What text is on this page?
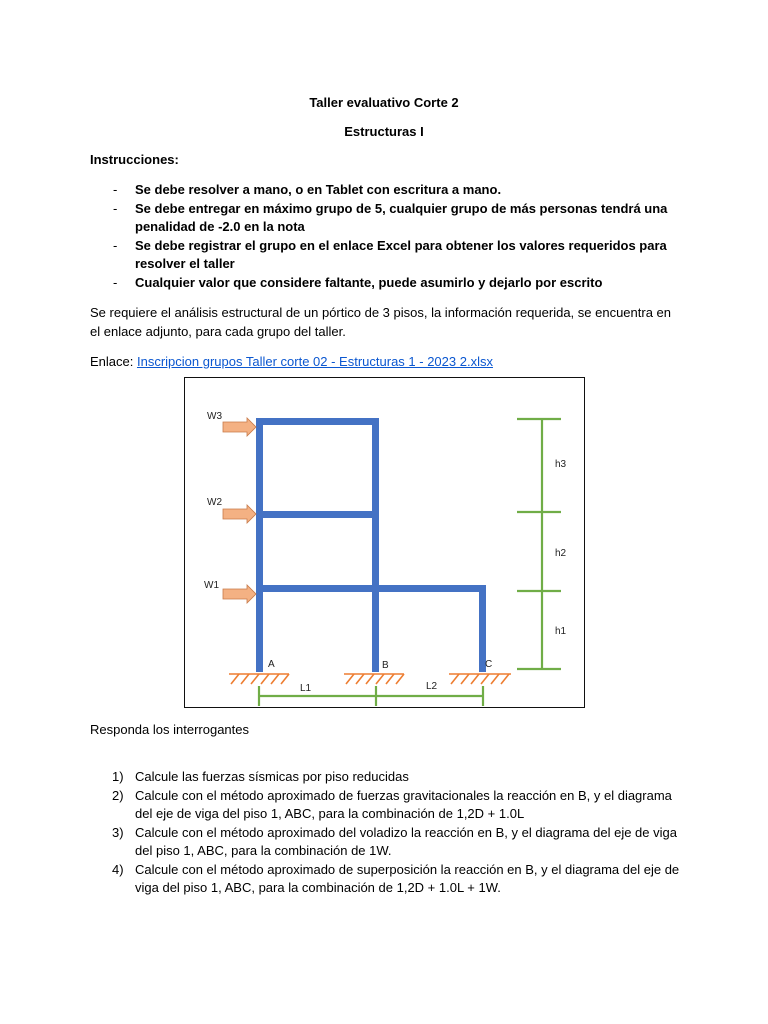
Taller evaluativo Corte 2
Estructuras I
Instrucciones:
- Se debe resolver a mano, o en Tablet con escritura a mano.
- Se debe entregar en máximo grupo de 5, cualquier grupo de más personas tendrá una penalidad de -2.0 en la nota
- Se debe registrar el grupo en el enlace Excel para obtener los valores requeridos para resolver el taller
- Cualquier valor que considere faltante, puede asumirlo y dejarlo por escrito

Se requiere el análisis estructural de un pórtico de 3 pisos, la información requerida, se encuentra en el enlace adjunto, para cada grupo del taller.

Enlace: Inscripcion grupos Taller corte 02 - Estructuras 1 - 2023 2.xlsx

W3
W2
W1
A	B	C
L1	L2
h3
h2
h1
Responda los interrogantes
1) Calcule las fuerzas sísmicas por piso reducidas
2) Calcule con el método aproximado de fuerzas gravitacionales la reacción en B, y el diagrama del eje de viga del piso 1, ABC, para la combinación de 1,2D + 1.0L
3) Calcule con el método aproximado del voladizo la reacción en B, y el diagrama del eje de viga del piso 1, ABC, para la combinación de 1W.
4) Calcule con el método aproximado de superposición la reacción en B, y el diagrama del eje de viga del piso 1, ABC, para la combinación de 1,2D + 1.0L + 1W.
